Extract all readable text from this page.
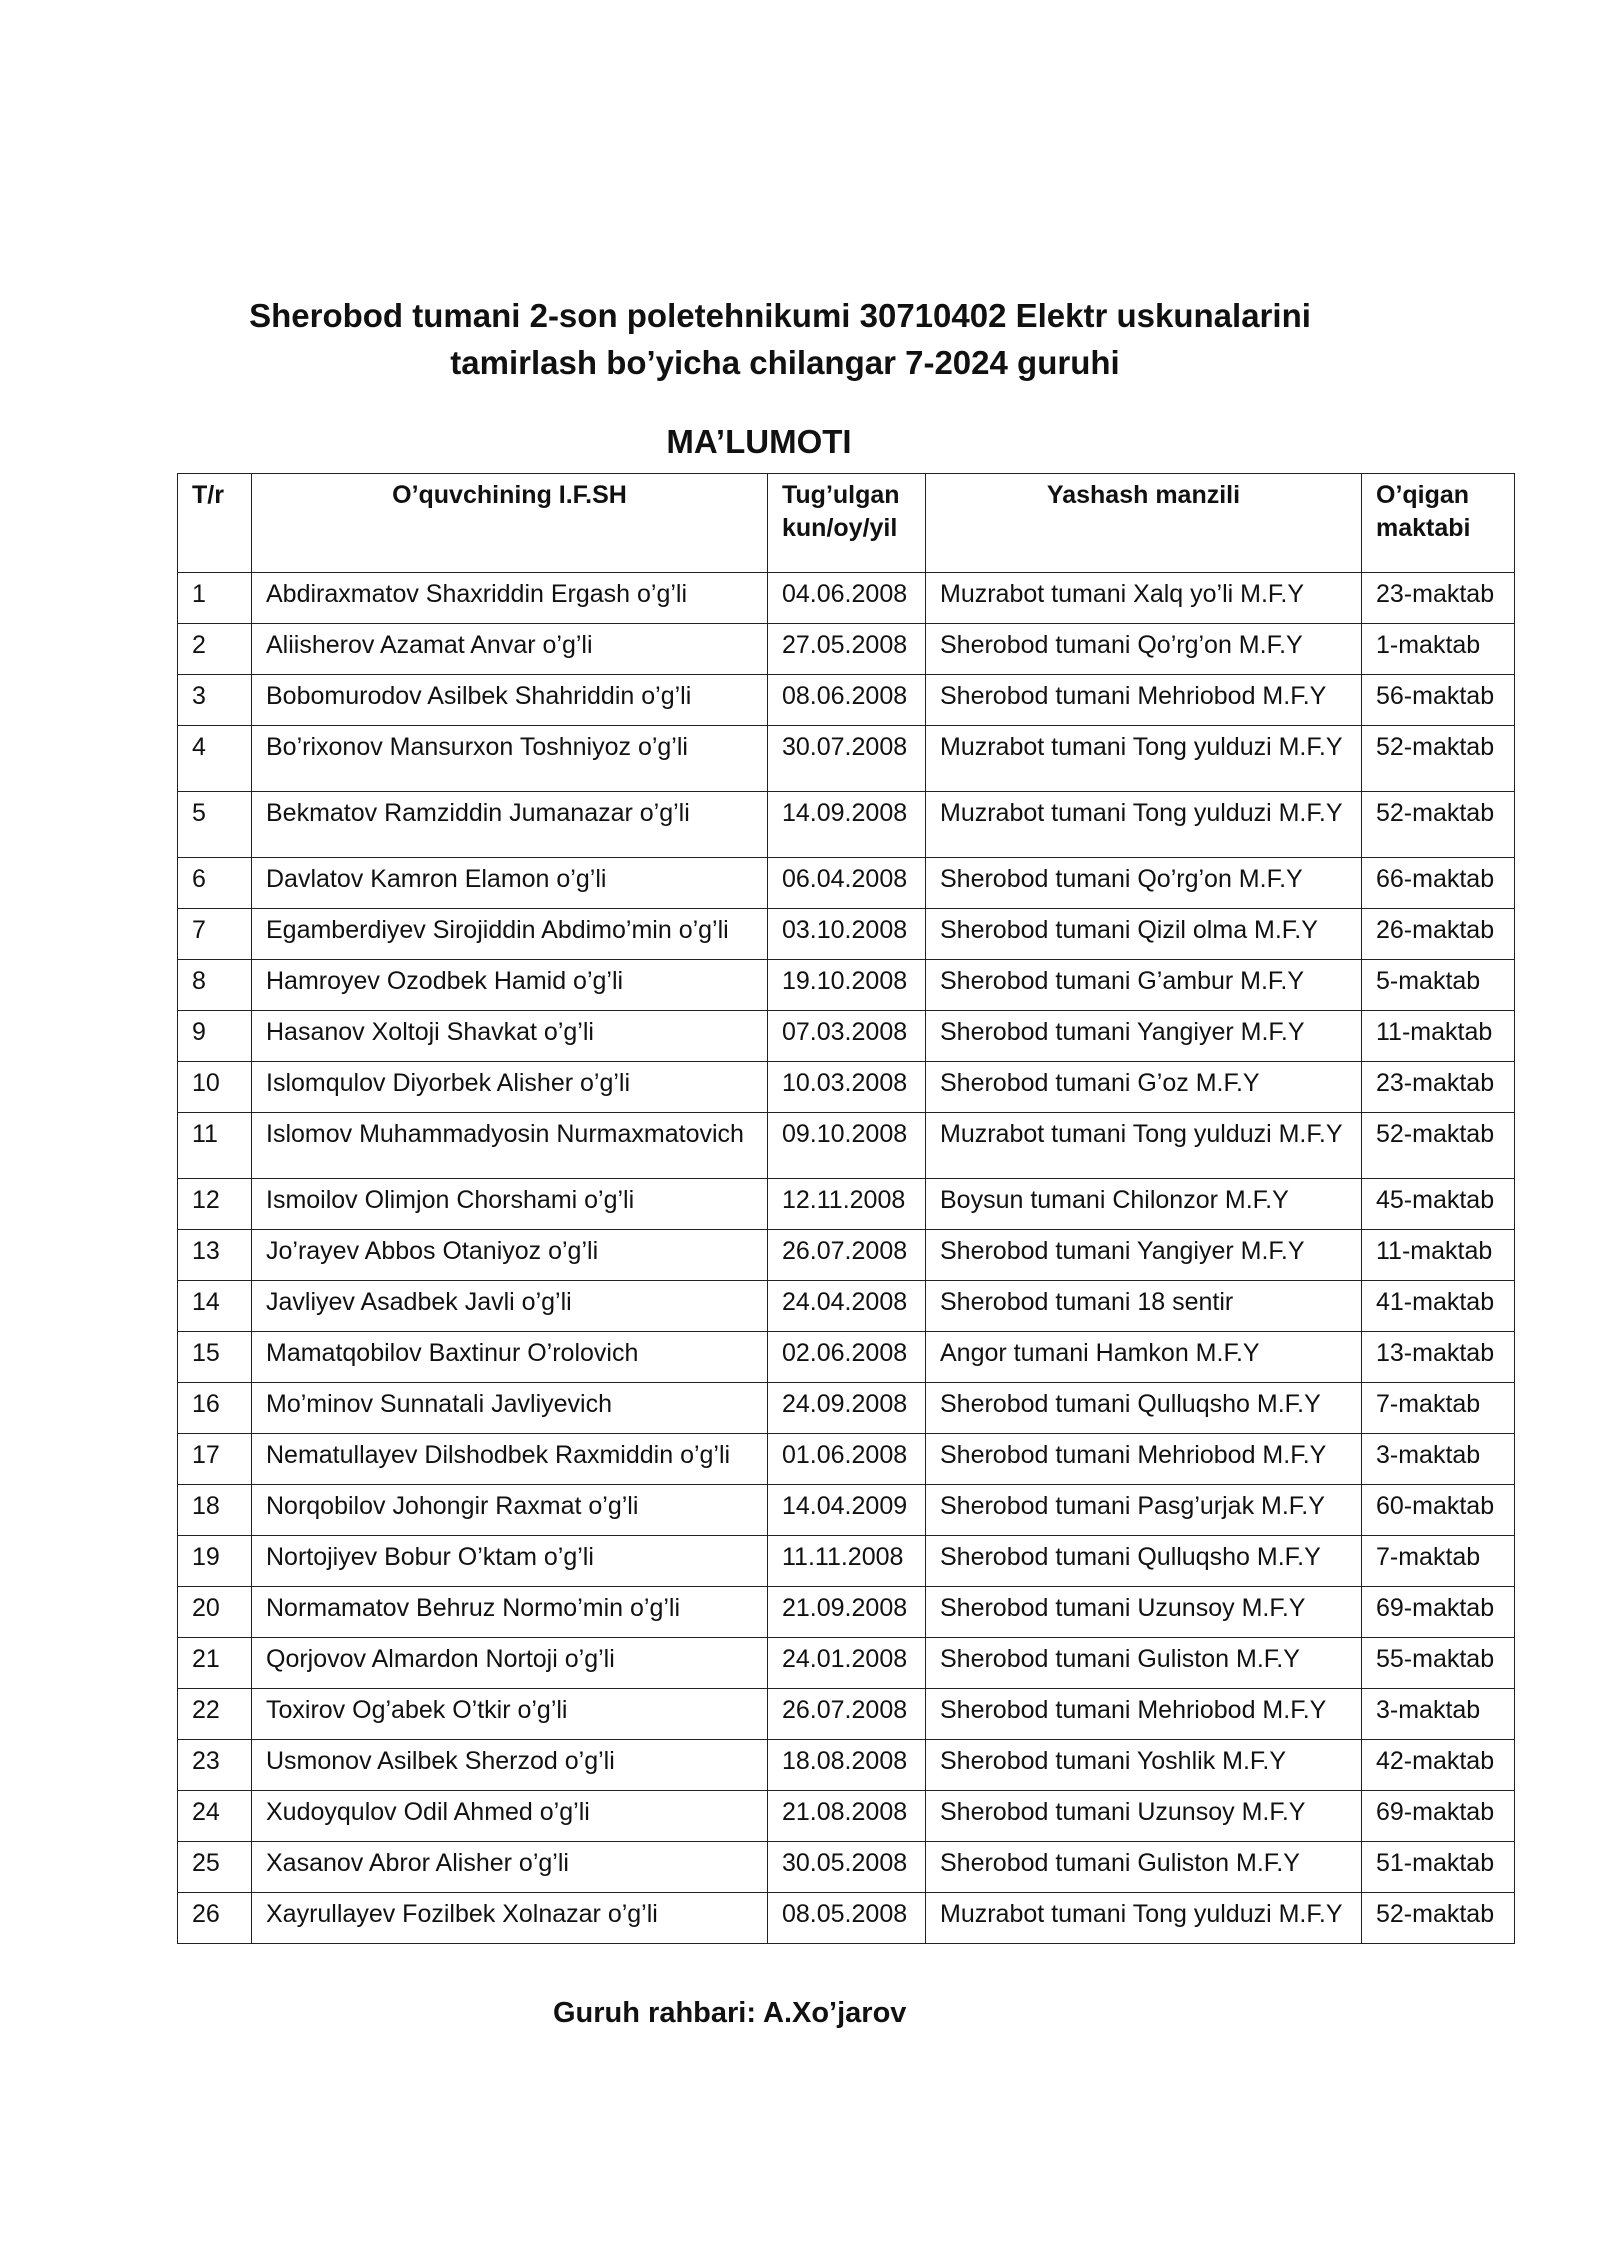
Sherobod tumani 2-son poletehnikumi 30710402 Elektr uskunalarini
tamirlash bo’yicha chilangar 7-2024 guruhi
MA’LUMOTI
T/r	O’quvchining I.F.SH	Tug’ulgan kun/oy/yil	Yashash manzili	O’qigan maktabi
1	Abdiraxmatov Shaxriddin Ergash o’g’li	04.06.2008	Muzrabot tumani Xalq yo’li M.F.Y	23-maktab
2	Aliisherov Azamat Anvar o’g’li	27.05.2008	Sherobod tumani Qo’rg’on M.F.Y	1-maktab
3	Bobomurodov Asilbek Shahriddin o’g’li	08.06.2008	Sherobod tumani Mehriobod M.F.Y	56-maktab
4	Bo’rixonov Mansurxon Toshniyoz o’g’li	30.07.2008	Muzrabot tumani Tong yulduzi M.F.Y	52-maktab
5	Bekmatov Ramziddin Jumanazar o’g’li	14.09.2008	Muzrabot tumani Tong yulduzi M.F.Y	52-maktab
6	Davlatov Kamron Elamon o’g’li	06.04.2008	Sherobod tumani Qo’rg’on M.F.Y	66-maktab
7	Egamberdiyev Sirojiddin Abdimo’min o’g’li	03.10.2008	Sherobod tumani Qizil olma M.F.Y	26-maktab
8	Hamroyev Ozodbek Hamid o’g’li	19.10.2008	Sherobod tumani G’ambur M.F.Y	5-maktab
9	Hasanov Xoltoji Shavkat o’g’li	07.03.2008	Sherobod tumani Yangiyer M.F.Y	11-maktab
10	Islomqulov Diyorbek Alisher o’g’li	10.03.2008	Sherobod tumani G’oz M.F.Y	23-maktab
11	Islomov Muhammadyosin Nurmaxmatovich	09.10.2008	Muzrabot tumani Tong yulduzi M.F.Y	52-maktab
12	Ismoilov Olimjon Chorshami o’g’li	12.11.2008	Boysun tumani Chilonzor M.F.Y	45-maktab
13	Jo’rayev Abbos Otaniyoz o’g’li	26.07.2008	Sherobod tumani Yangiyer M.F.Y	11-maktab
14	Javliyev Asadbek Javli o’g’li	24.04.2008	Sherobod tumani 18 sentir	41-maktab
15	Mamatqobilov Baxtinur O’rolovich	02.06.2008	Angor tumani Hamkon M.F.Y	13-maktab
16	Mo’minov Sunnatali Javliyevich	24.09.2008	Sherobod tumani Qulluqsho M.F.Y	7-maktab
17	Nematullayev Dilshodbek Raxmiddin o’g’li	01.06.2008	Sherobod tumani Mehriobod M.F.Y	3-maktab
18	Norqobilov Johongir Raxmat o’g’li	14.04.2009	Sherobod tumani Pasg’urjak M.F.Y	60-maktab
19	Nortojiyev Bobur O’ktam o’g’li	11.11.2008	Sherobod tumani Qulluqsho M.F.Y	7-maktab
20	Normamatov Behruz Normo’min o’g’li	21.09.2008	Sherobod tumani Uzunsoy M.F.Y	69-maktab
21	Qorjovov Almardon Nortoji o’g’li	24.01.2008	Sherobod tumani Guliston M.F.Y	55-maktab
22	Toxirov Og’abek O’tkir o’g’li	26.07.2008	Sherobod tumani Mehriobod M.F.Y	3-maktab
23	Usmonov Asilbek Sherzod o’g’li	18.08.2008	Sherobod tumani Yoshlik M.F.Y	42-maktab
24	Xudoyqulov Odil Ahmed o’g’li	21.08.2008	Sherobod tumani Uzunsoy M.F.Y	69-maktab
25	Xasanov Abror Alisher o’g’li	30.05.2008	Sherobod tumani Guliston M.F.Y	51-maktab
26	Xayrullayev Fozilbek Xolnazar o’g’li	08.05.2008	Muzrabot tumani Tong yulduzi M.F.Y	52-maktab
Guruh rahbari: A.Xo’jarov
